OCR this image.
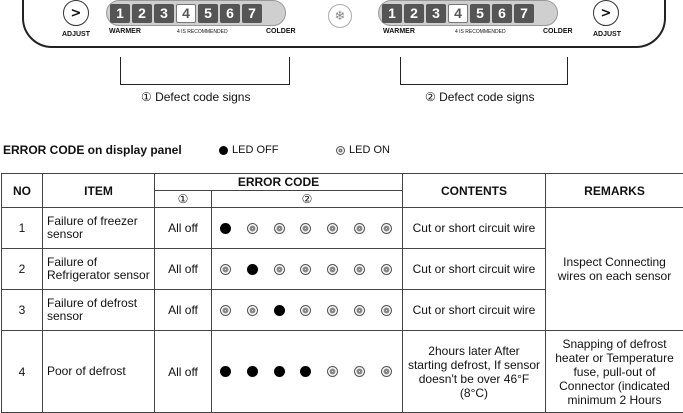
>
ADJUST
1	2	3	4	5	6	7
WARMER	4 IS RECOMMENDED	COLDER
❄	1	2	3	4	5	6	7
WARMER	4 IS RECOMMENDED	COLDER
>
ADJUST
① Defect code signs	② Defect code signs
ERROR CODE on display panel	LED OFF	LED ON
NO	ITEM	ERROR CODE		CONTENTS	REMARKS
		①	②		
1	Failure of freezer sensor	All off		Cut or short circuit wire	Inspect Connecting wires on each sensor
2	Failure of Refrigerator sensor	All off		Cut or short circuit wire	
3	Failure of defrost sensor	All off		Cut or short circuit wire	
4	Poor of defrost	All off		2hours later After starting defrost, If sensor doesn't be over 46°F (8°C)	Snapping of defrost heater or Temperature fuse, pull-out of Connector (indicated minimum 2 Hours
